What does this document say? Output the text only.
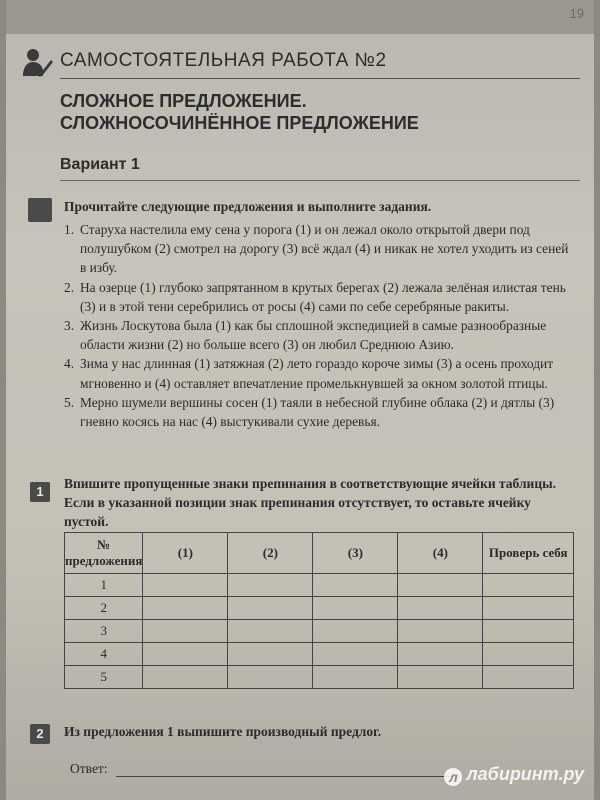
19
САМОСТОЯТЕЛЬНАЯ РАБОТА №2
СЛОЖНОЕ ПРЕДЛОЖЕНИЕ.
СЛОЖНОСОЧИНЁННОЕ ПРЕДЛОЖЕНИЕ
Вариант 1
Прочитайте следующие предложения и выполните задания.
1. Старуха настелила ему сена у порога (1) и он лежал около открытой двери под полушубком (2) смотрел на дорогу (3) всё ждал (4) и никак не хотел уходить из сеней в избу.
2. На озерце (1) глубоко запрятанном в крутых берегах (2) лежала зелёная илистая тень (3) и в этой тени серебрились от росы (4) сами по себе серебряные ракиты.
3. Жизнь Лоскутова была (1) как бы сплошной экспедицией в самые разнообразные области жизни (2) но больше всего (3) он любил Среднюю Азию.
4. Зима у нас длинная (1) затяжная (2) лето гораздо короче зимы (3) а осень проходит мгновенно и (4) оставляет впечатление промелькнувшей за окном золотой птицы.
5. Мерно шумели вершины сосен (1) таяли в небесной глубине облака (2) и дятлы (3) гневно косясь на нас (4) выстукивали сухие деревья.
1
Впишите пропущенные знаки препинания в соответствующие ячейки таблицы. Если в указанной позиции знак препинания отсутствует, то оставьте ячейку пустой.
№ предложения	(1)	(2)	(3)	(4)	Проверь себя
1					
2					
3					
4					
5					
2	Из предложения 1 выпишите производный предлог.
Ответ:
л лабиринт.ру
